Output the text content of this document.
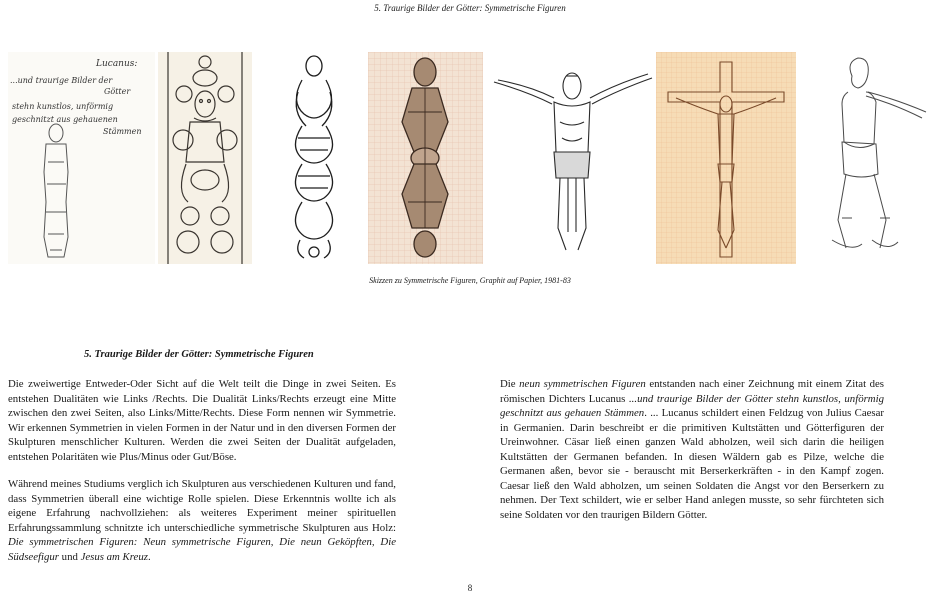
5. Traurige Bilder der Götter: Symmetrische Figuren
Lucanus:
...und traurige Bilder der
Götter
stehn kunstlos, unförmig
geschnitzt aus gehauenen
Stämmen
Skizzen zu Symmetrische Figuren, Graphit auf Papier, 1981-83
5. Traurige Bilder der Götter: Symmetrische Figuren

Die zweiwertige Entweder-Oder Sicht auf die Welt teilt die Dinge in zwei Seiten. Es entstehen Dualitäten wie Links /Rechts. Die Dualität Links/Rechts erzeugt eine Mitte zwischen den zwei Seiten, also Links/Mitte/Rechts. Diese Form nennen wir Symmetrie. Wir erkennen Symmetrien in vielen Formen in der Natur und in den diversen Formen der Skulpturen menschlicher Kulturen. Werden die zwei Seiten der Dualität aufgeladen, entstehen Polaritäten wie Plus/Minus oder Gut/Böse.

Während meines Studiums verglich ich Skulpturen aus verschiedenen Kulturen und fand, dass Symmetrien überall eine wichtige Rolle spielen. Diese Erkenntnis wollte ich als eigene Erfahrung nachvollziehen: als weiteres Experiment meiner spirituellen Erfahrungssammlung schnitzte ich unterschiedliche symmetrische Skulpturen aus Holz: Die symmetrischen Figuren: Neun symmetrische Figuren, Die neun Geköpften, Die Südseefigur und Jesus am Kreuz.

Die neun symmetrischen Figuren entstanden nach einer Zeichnung mit einem Zitat des römischen Dichters Lucanus ...und traurige Bilder der Götter stehn kunstlos, unförmig geschnitzt aus gehauen Stämmen. ... Lucanus schildert einen Feldzug von Julius Caesar in Germanien. Darin beschreibt er die primitiven Kultstätten und Götterfiguren der Ureinwohner. Cäsar ließ einen ganzen Wald abholzen, weil sich darin die heiligen Kultstätten der Germanen befanden. In diesen Wäldern gab es Pilze, welche die Germanen aßen, bevor sie - berauscht mit Berserkerkräften - in den Kampf zogen. Caesar ließ den Wald abholzen, um seinen Soldaten die Angst vor den Berserkern zu nehmen. Der Text schildert, wie er selber Hand anlegen musste, so sehr fürchteten sich seine Soldaten vor den traurigen Bildern Götter.

8
